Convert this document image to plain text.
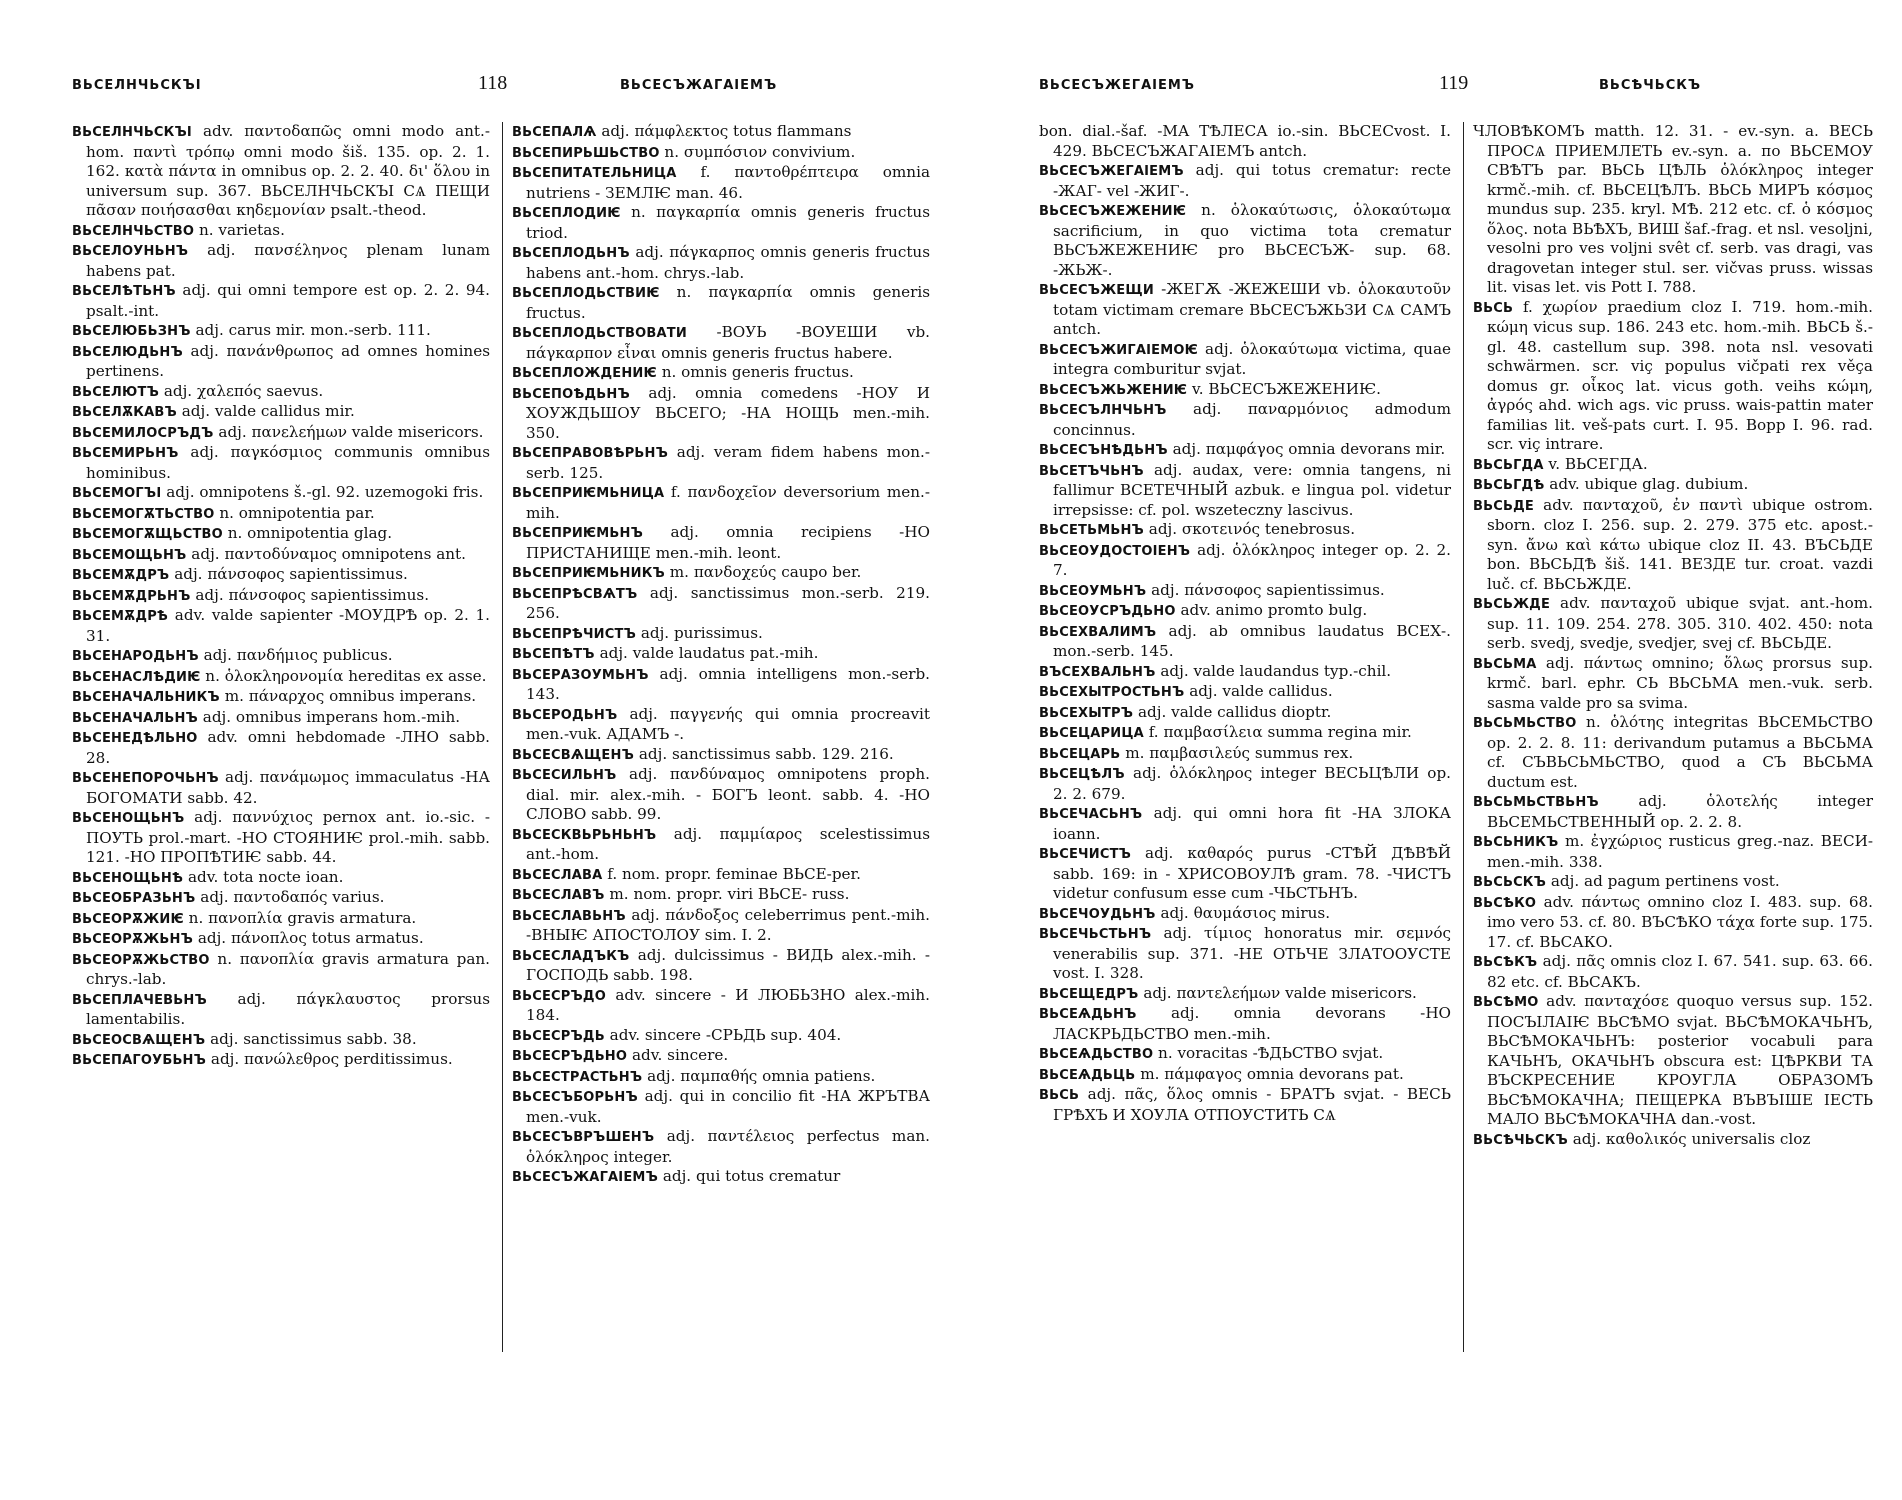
ВЬСЕЛНЧЬСКЪІ	118	ВЬСЕСЪЖАГАІЕМЪ

ВЬСЕЛНЧЬСКЪІ adv. παντοδαπῶς omni modo ant.-hom. παντὶ τρόπῳ omni modo šiš. 135. op. 2. 1. 162. κατὰ πάντα in omnibus op. 2. 2. 40. δι' ὅλου in universum sup. 367. ВЬСЕЛНЧЬСКЪІ СѦ ПЕЩИ πᾶσαν ποιήσασθαι κηδεμονίαν psalt.-theod.

ВЬСЕЛНЧЬСТВО n. varietas.

ВЬСЕЛОУНЬНЪ adj. πανσέληνος plenam lunam habens pat.

ВЬСЕЛѢТЬНЪ adj. qui omni tempore est op. 2. 2. 94. psalt.-int.

ВЬСЕЛЮБЬЗНЪ adj. carus mir. mon.-serb. 111.

ВЬСЕЛЮДЬНЪ adj. πανάνθρωπος ad omnes homines pertinens.

ВЬСЕЛЮТЪ adj. χαλεπός saevus.

ВЬСЕЛѪКАВЪ adj. valde callidus mir.

ВЬСЕМИЛОСРЪДЪ adj. πανελεήμων valde misericors.

ВЬСЕМИРЬНЪ adj. παγκόσμιος communis omnibus hominibus.

ВЬСЕМОГЪІ adj. omnipotens š.-gl. 92. uzemogoki fris.

ВЬСЕМОГѪТЬСТВО n. omnipotentia par.

ВЬСЕМОГѪЩЬСТВО n. omnipotentia glag.

ВЬСЕМОЩЬНЪ adj. παντοδύναμος omnipotens ant.

ВЬСЕМѪДРЪ adj. πάνσοφος sapientissimus.

ВЬСЕМѪДРЬНЪ adj. πάνσοφος sapientissimus.

ВЬСЕМѪДРѢ adv. valde sapienter -МОУДРѢ op. 2. 1. 31.

ВЬСЕНАРОДЬНЪ adj. πανδήμιος publicus.

ВЬСЕНАСЛѢДИѤ n. ὁλοκληρονομία hereditas ex asse.

ВЬСЕНАЧАЛЬНИКЪ m. πάναρχος omnibus imperans.

ВЬСЕНАЧАЛЬНЪ adj. omnibus imperans hom.-mih.

ВЬСЕНЕДѢЛЬНО adv. omni hebdomade -ЛНО sabb. 28.

ВЬСЕНЕПОРОЧЬНЪ adj. πανάμωμος immaculatus -НА БОГОМАТИ sabb. 42.

ВЬСЕНОЩЬНЪ adj. παννύχιος pernox ant. io.-sic. - ПОУТЬ prol.-mart. -НО СТОЯНИѤ prol.-mih. sabb. 121. -НО ПРОПѢТИѤ sabb. 44.

ВЬСЕНОЩЬНѢ adv. tota nocte ioan.

ВЬСЕОБРАЗЬНЪ adj. παντοδαπός varius.

ВЬСЕОРѪЖИѤ n. πανοπλία gravis armatura.

ВЬСЕОРѪЖЬНЪ adj. πάνοπλος totus armatus.

ВЬСЕОРѪЖЬСТВО n. πανοπλία gravis armatura pan. chrys.-lab.

ВЬСЕПЛАЧЕВЬНЪ adj. πάγκλαυστος prorsus lamentabilis.

ВЬСЕОСВѦЩЕНЪ adj. sanctissimus sabb. 38.

ВЬСЕПАГОУБЬНЪ adj. πανώλεθρος perditissimus.

ВЬСЕПАЛѦ adj. πάμφλεκτος totus flammans

ВЬСЕПИРЬШЬСТВО n. συμπόσιον convivium.

ВЬСЕПИТАТЕЛЬНИЦА f. παντοθρέπτειρα omnia nutriens - ЗЕМЛѤ man. 46.

ВЬСЕПЛОДИѤ n. παγκαρπία omnis generis fructus triod.

ВЬСЕПЛОДЬНЪ adj. πάγκαρπος omnis generis fructus habens ant.-hom. chrys.-lab.

ВЬСЕПЛОДЬСТВИѤ n. παγκαρπία omnis generis fructus.

ВЬСЕПЛОДЬСТВОВАТИ -ВОУЬ -ВОУЕШИ vb. πάγκαρπον εἶναι omnis generis fructus habere.

ВЬСЕПЛОЖДЕНИѤ n. omnis generis fructus.

ВЬСЕПОѢДЬНЪ adj. omnia comedens -НОУ И ХОУЖДЬШОУ ВЬСЕГО; -НА НОЩЬ men.-mih. 350.

ВЬСЕПРАВОВѢРЬНЪ adj. veram fidem habens mon.-serb. 125.

ВЬСЕПРИѤМЬНИЦА f. πανδοχεῖον deversorium men.-mih.

ВЬСЕПРИѤМЬНЪ adj. omnia recipiens -НО ПРИСТАНИЩЕ men.-mih. leont.

ВЬСЕПРИѤМЬНИКЪ m. πανδοχεύς caupo ber.

ВЬСЕПРѢСВѦТЪ adj. sanctissimus mon.-serb. 219. 256.

ВЬСЕПРѢЧИСТЪ adj. purissimus.

ВЬСЕПѢТЪ adj. valde laudatus pat.-mih.

ВЬСЕРАЗОУМЬНЪ adj. omnia intelligens mon.-serb. 143.

ВЬСЕРОДЬНЪ adj. παγγενής qui omnia procreavit men.-vuk. АДАМЪ -.

ВЬСЕСВѦЩЕНЪ adj. sanctissimus sabb. 129. 216.

ВЬСЕСИЛЬНЪ adj. πανδύναμος omnipotens proph. dial. mir. alex.-mih. - БОГЪ leont. sabb. 4. -НО СЛОВО sabb. 99.

ВЬСЕСКВЬРЬНЬНЪ adj. παμμίαρος scelestissimus ant.-hom.

ВЬСЕСЛАВА f. nom. propr. feminae ВЬСЕ-per.

ВЬСЕСЛАВЪ m. nom. propr. viri ВЬСЕ- russ.

ВЬСЕСЛАВЬНЪ adj. πάνδοξος celeberrimus pent.-mih. -ВНЫѤ АПОСТОЛОУ sim. I. 2.

ВЬСЕСЛАДЪКЪ adj. dulcissimus - ВИДЬ alex.-mih. - ГОСПОДЬ sabb. 198.

ВЬСЕСРЪДО adv. sincere - И ЛЮБЬЗНО alex.-mih. 184.

ВЬСЕСРЪДЬ adv. sincere -СРЬДЬ sup. 404.

ВЬСЕСРЪДЬНО adv. sincere.

ВЬСЕСТРАСТЬНЪ adj. παμπαθής omnia patiens.

ВЬСЕСЪБОРЬНЪ adj. qui in concilio fit -НА ЖРЪТВА men.-vuk.

ВЬСЕСЪВРЪШЕНЪ adj. παντέλειος perfectus man. ὁλόκληρος integer.

ВЬСЕСЪЖАГАІЕМЪ adj. qui totus crematur

ВЬСЕСЪЖЕГАІЕМЪ	119	ВЬСѢЧЬСКЪ

bon. dial.-šaf. -МА ТѢЛЕСА io.-sin. ВЬСЕСvost. I. 429. ВЬСЕСЪЖАГАІЕМЪ antch.

ВЬСЕСЪЖЕГАІЕМЪ adj. qui totus crematur: recte -ЖАГ- vel -ЖИГ-.

ВЬСЕСЪЖЕЖЕНИѤ n. ὁλοκαύτωσις, ὁλοκαύτωμα sacrificium, in quo victima tota crematur ВЬСЪЖЕЖЕНИѤ pro ВЬСЕСЪЖ- sup. 68. -ЖЬЖ-.

ВЬСЕСЪЖЕЩИ -ЖЕГѪ -ЖЕЖЕШИ vb. ὁλοκαυτοῦν totam victimam cremare ВЬСЕСЪЖЬЗИ СѦ САМЪ antch.

ВЬСЕСЪЖИГАІЕМОѤ adj. ὁλοκαύτωμα victima, quae integra comburitur svjat.

ВЬСЕСЪЖЬЖЕНИѤ v. ВЬСЕСЪЖЕЖЕНИѤ.

ВЬСЕСЪЛНЧЬНЪ adj. παναρμόνιος admodum concinnus.

ВЬСЕСЪНѢДЬНЪ adj. παμφάγος omnia devorans mir.

ВЬСЕТЪЧЬНЪ adj. audax, vere: omnia tangens, ni fallimur ВСЕТЕЧНЫЙ azbuk. e lingua pol. videtur irrepsisse: cf. pol. wszeteczny lascivus.

ВЬСЕТЬМЬНЪ adj. σκοτεινός tenebrosus.

ВЬСЕОУДОСТОІЕНЪ adj. ὁλόκληρος integer op. 2. 2. 7.

ВЬСЕОУМЬНЪ adj. πάνσοφος sapientissimus.

ВЬСЕОУСРЪДЬНО adv. animo promto bulg.

ВЬСЕХВАЛИМЪ adj. ab omnibus laudatus ВСЕХ-. mon.-serb. 145.

ВЪСЕХВАЛЬНЪ adj. valde laudandus typ.-chil.

ВЬСЕХЫТРОСТЬНЪ adj. valde callidus.

ВЬСЕХЫТРЪ adj. valde callidus dioptr.

ВЬСЕЦАРИЦА f. παμβασίλεια summa regina mir.

ВЬСЕЦАРЬ m. παμβασιλεύς summus rex.

ВЬСЕЦѢЛЪ adj. ὁλόκληρος integer ВЕСЬЦѢЛИ op. 2. 2. 679.

ВЬСЕЧАСЬНЪ adj. qui omni hora fit -НА ЗЛОКА ioann.

ВЬСЕЧИСТЪ adj. καθαρός purus -СТѢЙ ДѢВѢЙ sabb. 169: in - ХРИСОВОУЛѢ gram. 78. -ЧИСТЪ videtur confusum esse cum -ЧЬСТЬНЪ.

ВЬСЕЧОУДЬНЪ adj. θαυμάσιος mirus.

ВЬСЕЧЬСТЬНЪ adj. τίμιος honoratus mir. σεμνός venerabilis sup. 371. -НЕ ОТЬЧЕ ЗЛАТООУСТЕ vost. I. 328.

ВЬСЕЩЕДРЪ adj. παντελεήμων valde misericors.

ВЬСЕѦДЬНЪ adj. omnia devorans -НО ЛАСКРЬДЬСТВО men.-mih.

ВЬСЕѦДЬСТВО n. voracitas -ѢДЬСТВО svjat.

ВЬСЕѦДЬЦЬ m. πάμφαγος omnia devorans pat.

ВЬСЬ adj. πᾶς, ὅλος omnis - БРАТЪ svjat. - ВЕСЬ ГРѢХЪ И ХОУЛА ОТПОУСТИТЬ СѦ

ЧЛОВѢКОМЪ matth. 12. 31. - ev.-syn. a. ВЕСЬ ПРОСѦ ПРИЕМЛЕТЬ ev.-syn. a. по ВЬСЕМОУ СВѢТЪ par. ВЬСЬ ЦѢЛЬ ὁλόκληρος integer krmč.-mih. cf. ВЬСЕЦѢЛЪ. ВЬСЬ МИРЪ κόσμος mundus sup. 235. kryl. МѢ. 212 etc. cf. ὁ κόσμος ὅλος. nota ВЬѢХЪ, ВИШ šaf.-frag. et nsl. vesoljni, vesolni pro ves voljni svêt cf. serb. vas dragi, vas dragovetan integer stul. ser. vičvas pruss. wissas lit. visas let. vis Pott I. 788.

ВЬСЬ f. χωρίον praedium cloz I. 719. hom.-mih. κώμη vicus sup. 186. 243 etc. hom.-mih. ВЬСЬ š.-gl. 48. castellum sup. 398. nota nsl. vesovati schwärmen. scr. viç populus vičpati rex věça domus gr. οἶκος lat. vicus goth. veihs κώμη, ἀγρός ahd. wich ags. vic pruss. wais-pattin mater familias lit. veš-pats curt. I. 95. Bopp I. 96. rad. scr. viç intrare.

ВЬСЬГДА v. ВЬСЕГДА.

ВЬСЬГДѢ adv. ubique glag. dubium.

ВЬСЬДЕ adv. πανταχοῦ, ἐν παντὶ ubique ostrom. sborn. cloz I. 256. sup. 2. 279. 375 etc. apost.-syn. ἄνω καὶ κάτω ubique cloz II. 43. ВЪСЬДЕ bon. ВЬСЬДѢ šiš. 141. ВЕЗДЕ tur. croat. vazdi luč. cf. ВЬСЬЖДЕ.

ВЬСЬЖДЕ adv. πανταχοῦ ubique svjat. ant.-hom. sup. 11. 109. 254. 278. 305. 310. 402. 450: nota serb. svedj, svedje, svedjer, svej cf. ВЬСЬДЕ.

ВЬСЬМА adj. πάντως omnino; ὅλως prorsus sup. krmč. barl. ephr. СЬ ВЬСЬМА men.-vuk. serb. sasma valde pro sa svima.

ВЬСЬМЬСТВО n. ὁλότης integritas ВЬСЕМЬСТВО op. 2. 2. 8. 11: derivandum putamus a ВЬСЬМА cf. СЪВЬСЬМЬСТВО, quod a СЪ ВЬСЬМА ductum est.

ВЬСЬМЬСТВЬНЪ	adj. ὁλοτελής integer ВЬСЕМЬСТВЕННЫЙ op. 2. 2. 8.

ВЬСЬНИКЪ m. ἐγχώριος rusticus greg.-naz. ВЕСИ- men.-mih. 338.

ВЬСЬСКЪ adj. ad pagum pertinens vost.

ВЬСѢКО adv. πάντως omnino cloz I. 483. sup. 68. imo vero 53. cf. 80. ВЪСѢКО τάχα forte sup. 175. 17. cf. ВЬСАКО.

ВЬСѢКЪ adj. πᾶς omnis cloz I. 67. 541. sup. 63. 66. 82 etc. cf. ВЬСАКЪ.

ВЬСѢМО adv. πανταχόσε quoquo versus sup. 152. ПОСЪІЛАІѤ ВЬСѢМО svjat. ВЬСѢМОКАЧЬНЪ, ВЬСѢМОКАЧЬНЪ: posterior vocabuli para КАЧЬНЪ, ОКАЧЬНЪ obscura est: ЦѢРКВИ ТА ВЪСКРЕСЕНИЕ КРОУГЛА ОБРАЗОМЪ ВЬСѢМОКАЧНА; ПЕЩЕРКА ВЪВЪІШЕ ІЕСТЬ МАЛО ВЬСѢМОКАЧНА dan.-vost.

ВЬСѢЧЬСКЪ adj. καθολικός universalis cloz
